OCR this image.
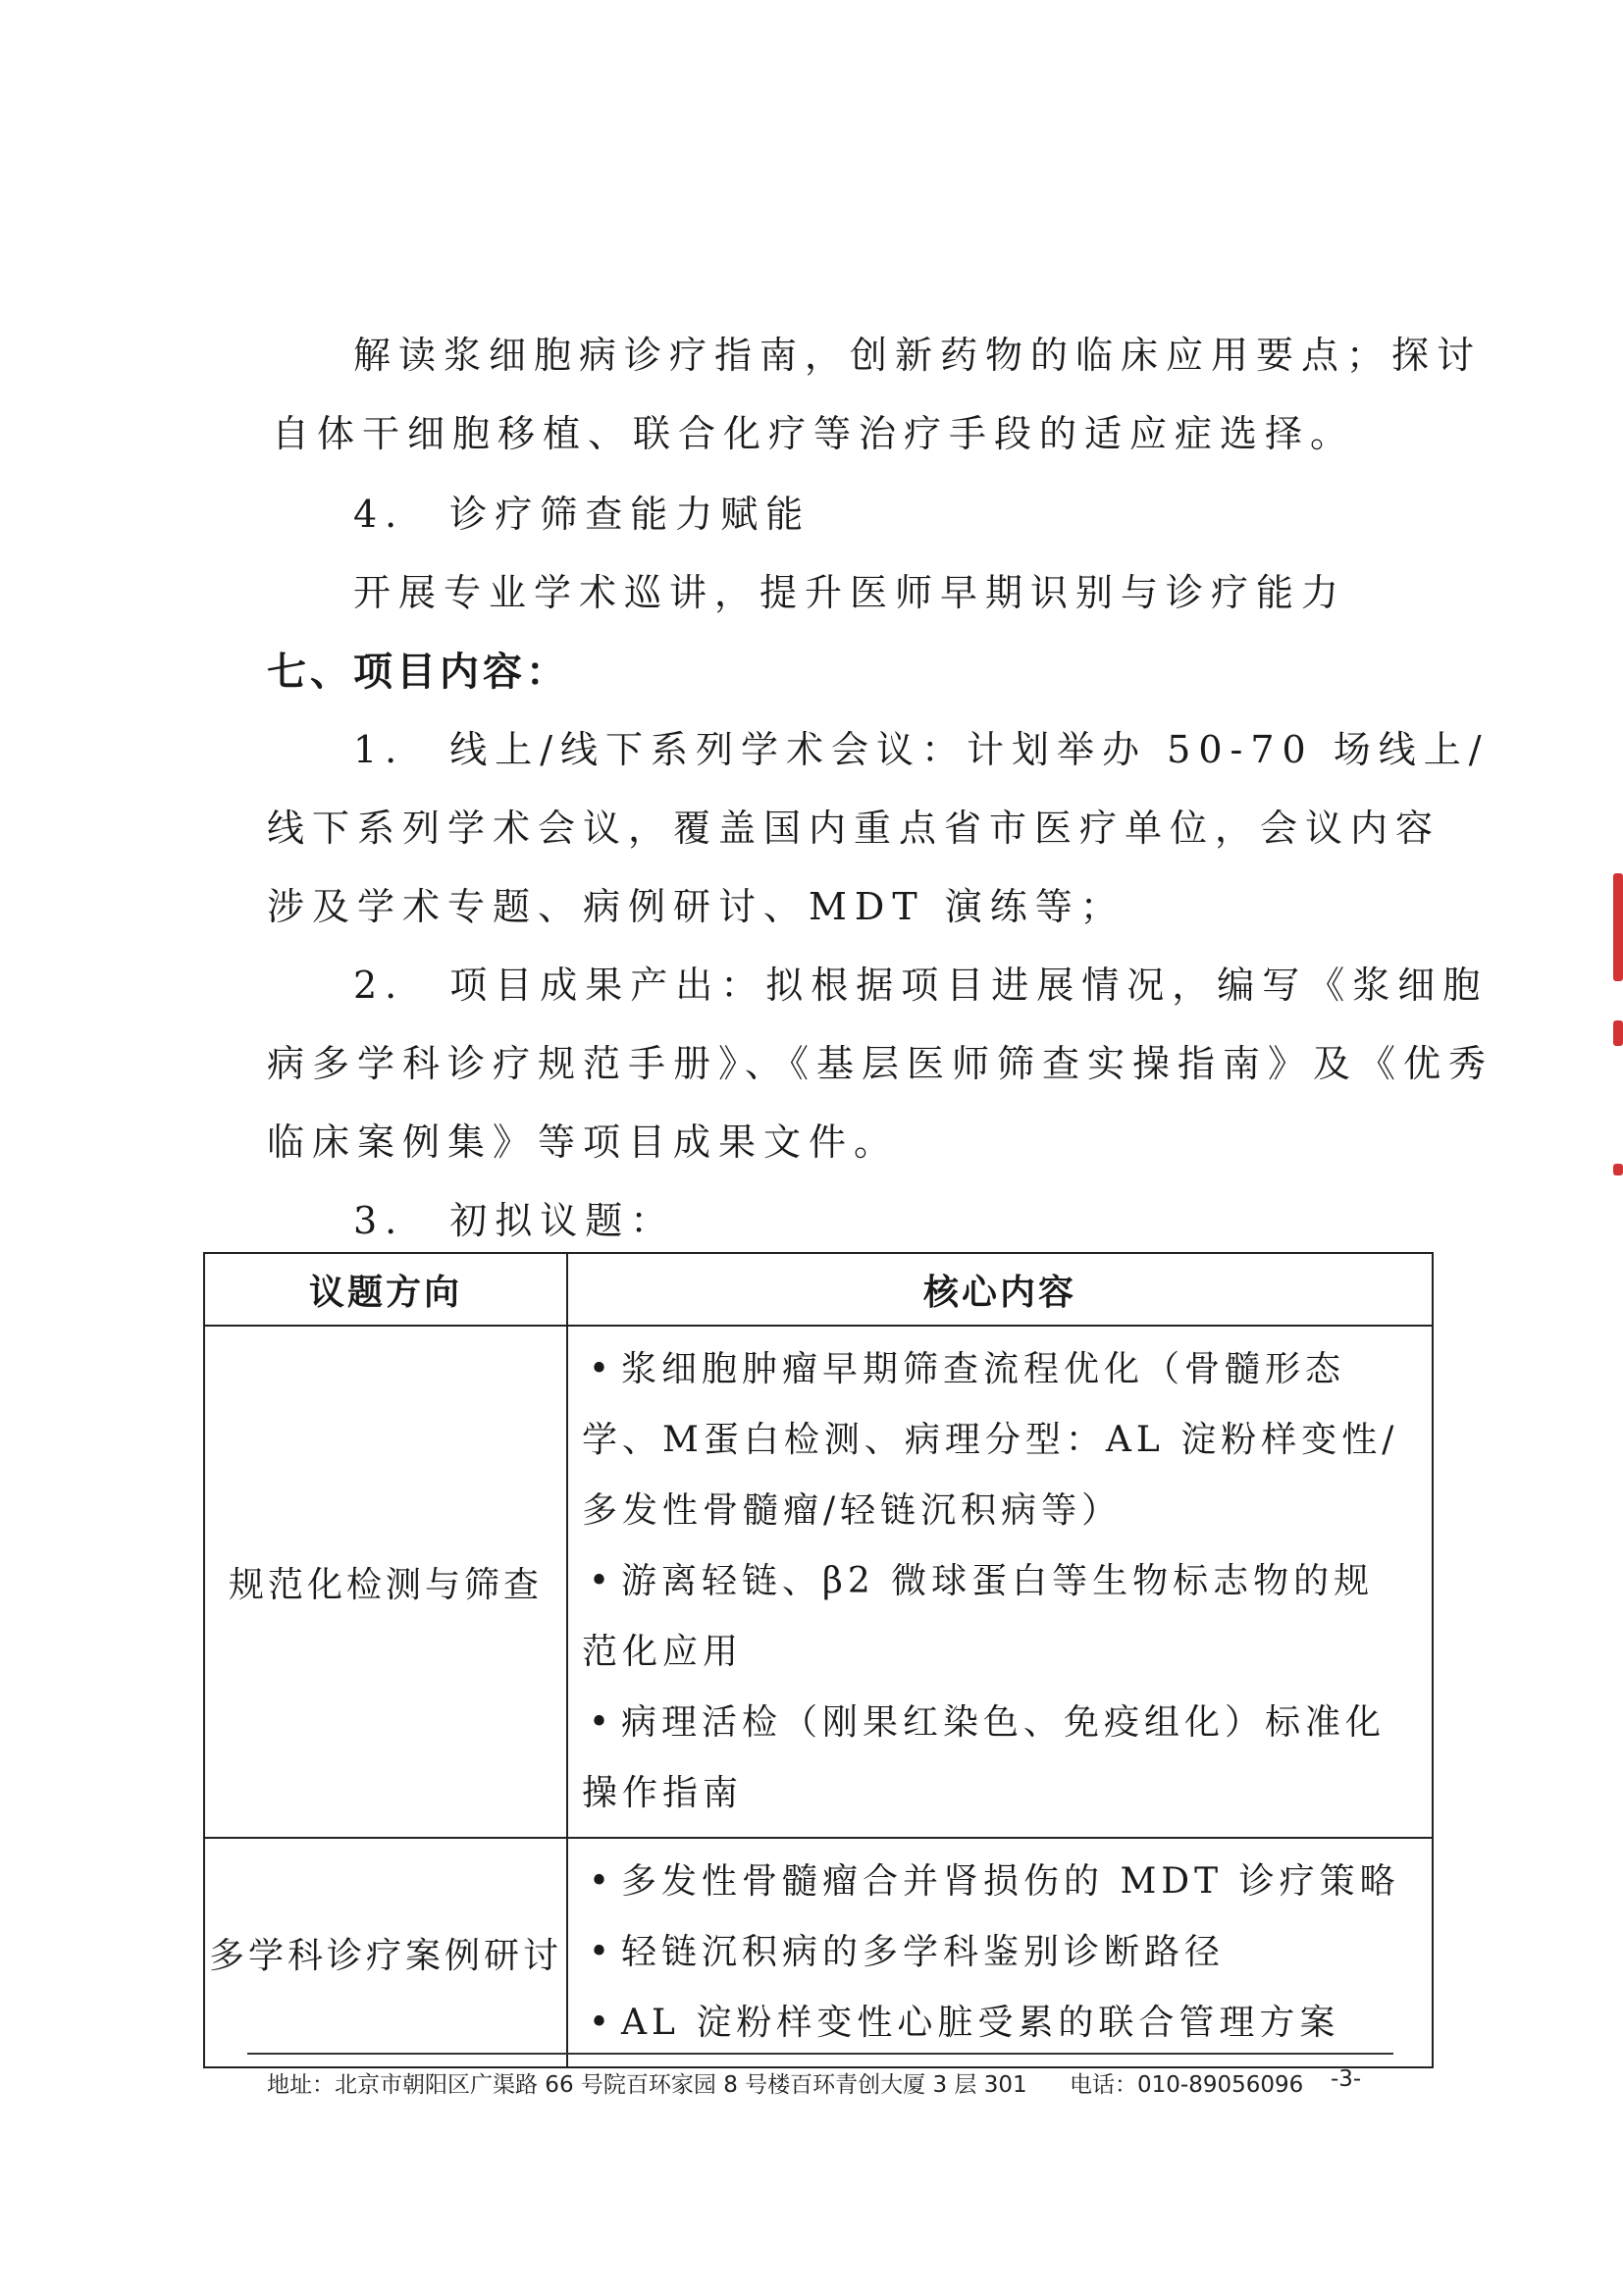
解读浆细胞病诊疗指南，创新药物的临床应用要点；探讨
自体干细胞移植、联合化疗等治疗手段的适应症选择。
4.　诊疗筛查能力赋能
开展专业学术巡讲，提升医师早期识别与诊疗能力
七、项目内容：
1.　线上/线下系列学术会议：计划举办 50-70 场线上/
线下系列学术会议，覆盖国内重点省市医疗单位，会议内容
涉及学术专题、病例研讨、MDT 演练等；
2.　项目成果产出：拟根据项目进展情况，编写《浆细胞
病多学科诊疗规范手册》、《基层医师筛查实操指南》及《优秀
临床案例集》等项目成果文件。
3.　初拟议题：
议题方向	核心内容
规范化检测与筛查	• 浆细胞肿瘤早期筛查流程优化（骨髓形态学、M蛋白检测、病理分型：AL 淀粉样变性/多发性骨髓瘤/轻链沉积病等）
• 游离轻链、β2 微球蛋白等生物标志物的规范化应用
• 病理活检（刚果红染色、免疫组化）标准化操作指南

多学科诊疗案例研讨	• 多发性骨髓瘤合并肾损伤的 MDT 诊疗策略
• 轻链沉积病的多学科鉴别诊断路径
• AL 淀粉样变性心脏受累的联合管理方案
地址：北京市朝阳区广渠路 66 号院百环家园 8 号楼百环青创大厦 3 层 301 电话：010-89056096 -3-
